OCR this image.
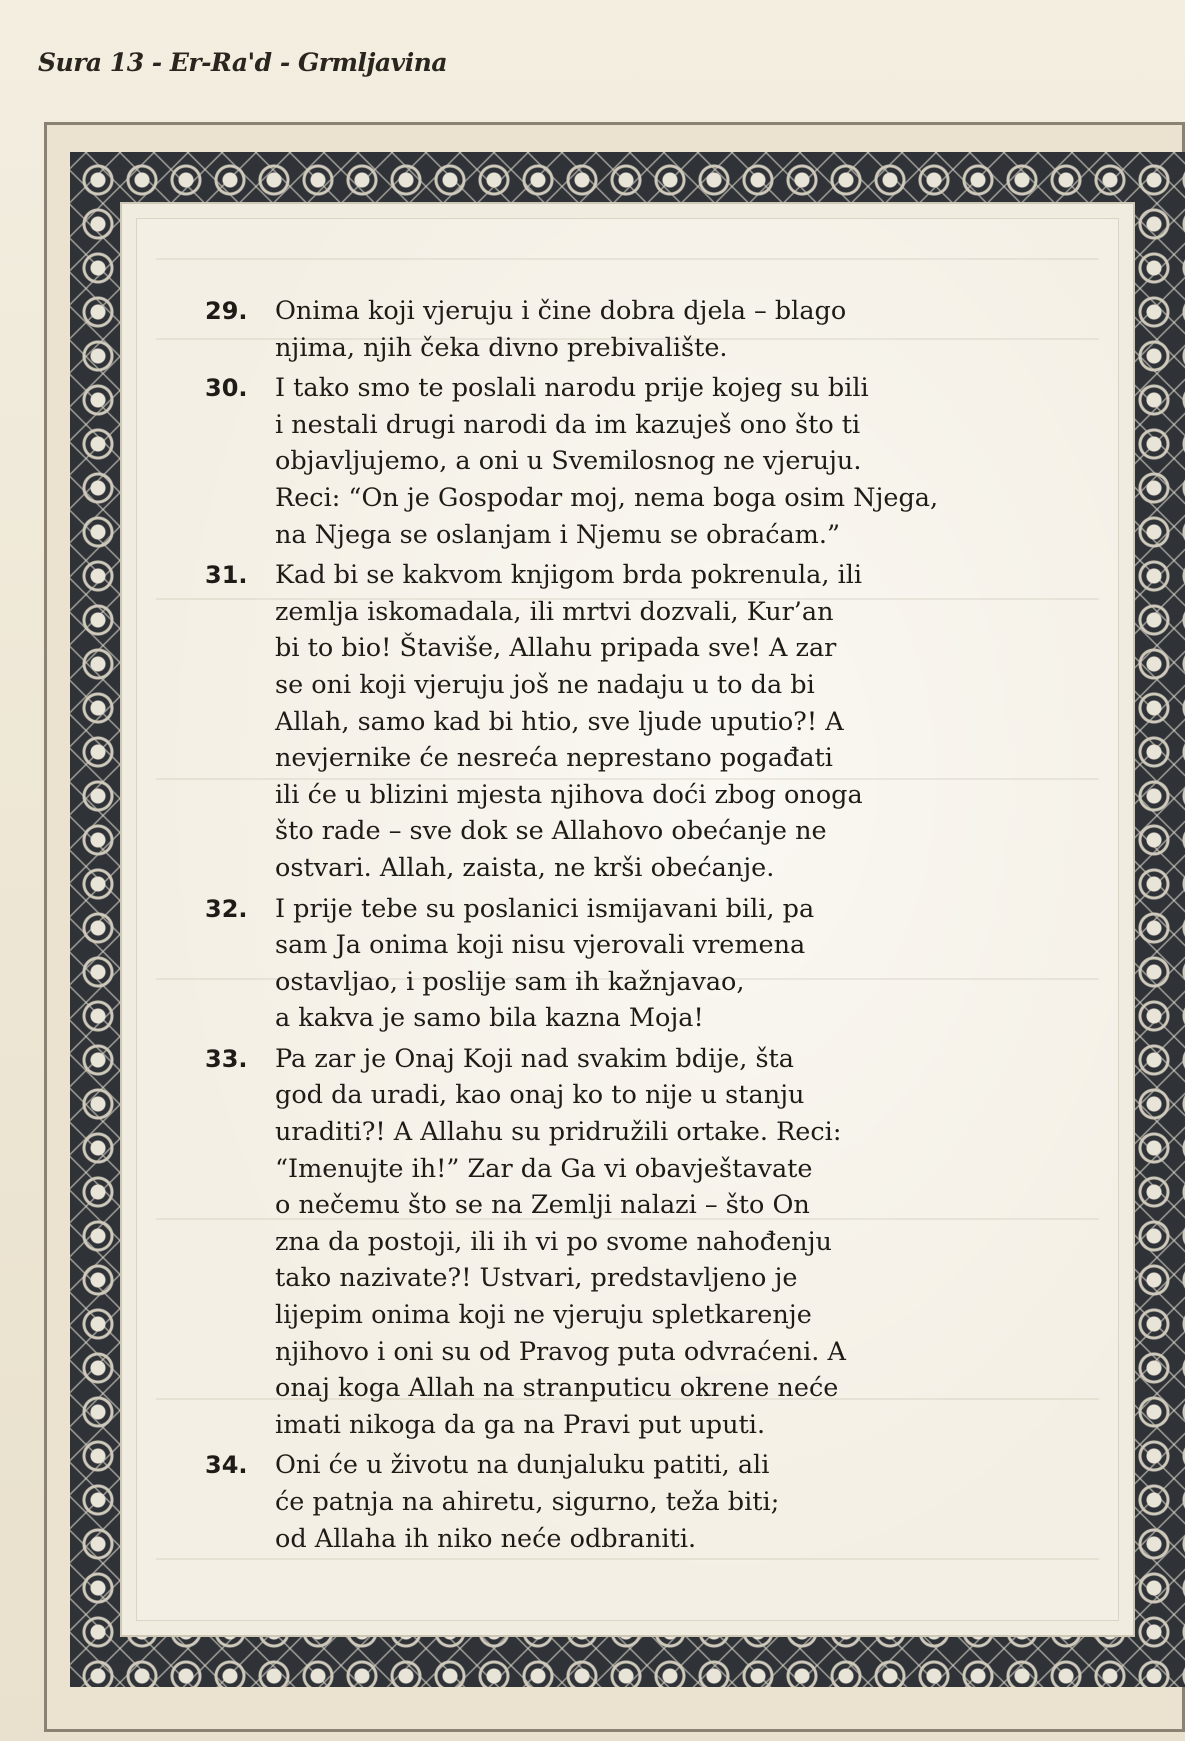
Sura 13 - Er-Ra'd - Grmljavina
29.	Onima koji vjeruju i čine dobra djela – blago
njima, njih čeka divno prebivalište.
30.	I tako smo te poslali narodu prije kojeg su bili
i nestali drugi narodi da im kazuješ ono što ti
objavljujemo, a oni u Svemilosnog ne vjeruju.
Reci: “On je Gospodar moj, nema boga osim Njega,
na Njega se oslanjam i Njemu se obraćam.”
31.	Kad bi se kakvom knjigom brda pokrenula, ili
zemlja iskomadala, ili mrtvi dozvali, Kur’an
bi to bio! Štaviše, Allahu pripada sve! A zar
se oni koji vjeruju još ne nadaju u to da bi
Allah, samo kad bi htio, sve ljude uputio?! A
nevjernike će nesreća neprestano pogađati
ili će u blizini mjesta njihova doći zbog onoga
što rade – sve dok se Allahovo obećanje ne
ostvari. Allah, zaista, ne krši obećanje.
32.	I prije tebe su poslanici ismijavani bili, pa
sam Ja onima koji nisu vjerovali vremena
ostavljao, i poslije sam ih kažnjavao,
a kakva je samo bila kazna Moja!
33.	Pa zar je Onaj Koji nad svakim bdije, šta
god da uradi, kao onaj ko to nije u stanju
uraditi?! A Allahu su pridružili ortake. Reci:
“Imenujte ih!” Zar da Ga vi obavještavate
o nečemu što se na Zemlji nalazi – što On
zna da postoji, ili ih vi po svome nahođenju
tako nazivate?! Ustvari, predstavljeno je
lijepim onima koji ne vjeruju spletkarenje
njihovo i oni su od Pravog puta odvraćeni. A
onaj koga Allah na stranputicu okrene neće
imati nikoga da ga na Pravi put uputi.
34.	Oni će u životu na dunjaluku patiti, ali
će patnja na ahiretu, sigurno, teža biti;
od Allaha ih niko neće odbraniti.
